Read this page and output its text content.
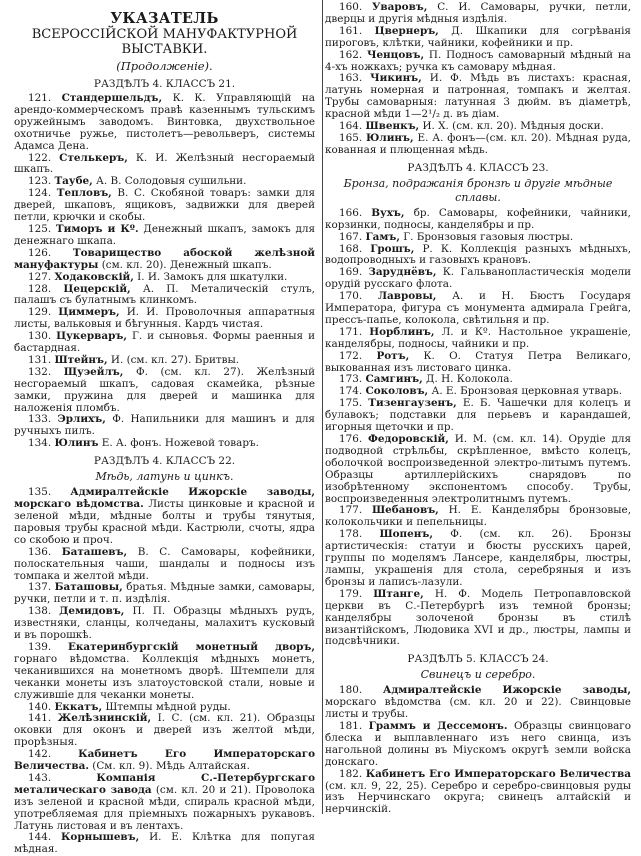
УКАЗАТЕЛЬ
ВСЕРОССІЙСКОЙ МАНУФАКТУРНОЙ ВЫСТАВКИ.
(Продолженіе).
РАЗДѢЛЪ 4. КЛАССЪ 21.

121. Стандершельдъ, К. К. Управляющій на арендо-коммерческомъ правѣ казеннымъ тульскимъ оружейнымъ заводомъ. Винтовка, двухствольное охотничье ружье, пистолетъ—револьверъ, системы Адамса Дена.

122. Стелькеръ, К. И. Желѣзный несгораемый шкапъ.

123. Таубе, А. В. Солодовыя сушильни.

124. Тепловъ, В. С. Скобяной товаръ: замки для дверей, шкаповъ, ящиковъ, задвижки для дверей петли, крючки и скобы.

125. Тиморъ и Кº. Денежный шкапъ, замокъ для денежнаго шкапа.

126. Товарищество абоской желѣзной мануфактуры (см. кл. 20). Денежный шкапъ.

127. Ходаковскій, І. И. Замокъ для шкатулки.

128. Цецерскій, А. П. Металическій стулъ, палашъ съ булатнымъ клинкомъ.

129. Циммеръ, И. И. Проволочныя аппаратныя листы, вальковыя и бѣгунныя. Кардъ чистая.

130. Цукерваръ, Г. и сыновья. Формы раенныя и бастардная.

131. Штейнъ, И. (см. кл. 27). Бритвы.

132. Щуэейлъ, Ф. (см. кл. 27). Желѣзный несгораемый шкапъ, садовая скамейка, рѣзные замки, пружина для дверей и машинка для наложенія пломбъ.

133. Эрлихъ, Ф. Напильники для машинъ и для ручныхъ пилъ.

134. Юлинъ Е. А. фонъ. Ножевой товаръ.

РАЗДѢЛЪ 4. КЛАССЪ 22.
Мѣдь, латунь и цинкъ.

135. Адмиралтейскіе Ижорскіе заводы, морскаго вѣдомства. Листы цинковые и красной и зеленой мѣди, мѣдные болты и трубы тянутыя, паровыя трубы красной мѣди. Кастрюли, счоты, ядра со скобою и проч.

136. Баташевъ, В. С. Самовары, кофейники, полоскательныя чаши, шандалы и подносы изъ томпака и желтой мѣди.

137. Баташовы, братья. Мѣдные замки, самовары, ручки, петли и т. п. издѣлія.

138. Демидовъ, П. П. Образцы мѣдныхъ рудъ, известняки, сланцы, колчеданы, малахитъ кусковый и въ порошкѣ.

139. Екатеринбургскій монетный дворъ, горнаго вѣдомства. Коллекція мѣдныхъ монетъ, чеканившихся на монетномъ дворѣ. Штемпели для чеканки монеты изъ златоустовской стали, новые и служившіе для чеканки монеты.

140. Еккатъ, Штемпы мѣдной руды.

141. Желѣзнинскій, І. С. (см. кл. 21). Образцы оковки для оконъ и дверей изъ желтой мѣди, прорѣзныя.

142.	Кабинетъ Его Императорскаго Величества. (См. кл. 9). Мѣдь Алтайская.

143.	Компанія С.-Петербургскаго металическаго завода (см. кл. 20 и 21). Проволока изъ зеленой и красной мѣди, спираль красной мѣди, употребляемая для пріемныхъ пожарныхъ рукавовъ. Латунь листовая и въ лентахъ.

144. Корнышевъ, И. Е. Клѣтка для попугая мѣдная.

160. Уваровъ, С. И. Самовары, ручки, петли, дверцы и другія мѣдныя издѣлія.

161. Цвернеръ, Д. Шкапики для согрѣванія пироговъ, клѣтки, чайники, кофейники и пр.

162. Ченцовъ, П. Подносъ самоварный мѣдный на 4-хъ ножкахъ; ручка къ самовару мѣдная.

163. Чикинъ, И. Ф. Мѣдь въ листахъ: красная, латунь номерная и патронная, томпакъ и желтая. Трубы самоварныя: латунная 3 дюйм. въ діаметрѣ, красной мѣди 1—2¹/₂ д. въ діам.

164. Швенкъ, И. Х. (см. кл. 20). Мѣдныя доски.

165. Юлинъ, Е. А. фонъ—(см. кл. 20). Мѣдная руда, кованная и плющенная мѣдь.

РАЗДѢЛЪ 4. КЛАССЪ 23.
Бронза, подражанія бронзѣ и другіе мѣдные сплавы.

166. Вухъ, бр. Самовары, кофейники, чайники, корзинки, подносы, канделябры и пр.

167. Гамъ, Г. Бронзовыя газовыя люстры.

168. Грошъ, Р. К. Коллекція разныхъ мѣдныхъ, водопроводныхъ и газовыхъ крановъ.

169. Заруднёвъ, К. Гальванопластическія модели орудій русскаго флота.

170. Лавровы, А. и Н. Бюстъ Государя Императора, фигура съ монумента адмирала Грейга, прессъ-папье, колокола, свѣтильня и пр.

171. Норблинъ, Л. и Кº. Настольное украшеніе, канделябры, подносы, чайники и пр.

172. Ротъ, К. О. Статуя Петра Великаго, выкованная изъ листоваго цинка.

173. Самгинъ, Д. Н. Колокола.

174. Соколовъ, А. Е. Бронзовая церковная утварь.

175. Тизенгаузенъ, Е. Б. Чашечки для колецъ и булавокъ; подставки для перьевъ и карандашей, игорныя щеточки и пр.

176. Федоровскій, И. М. (см. кл. 14). Орудіе для подводной стрѣльбы, скрѣпленное, вмѣсто колецъ, оболочкой воспроизведенной электро-литымъ путемъ. Образцы артиллерійскихъ снарядовъ по изобрѣтенному экспонентомъ способу. Трубы, воспроизведенныя электролитнымъ путемъ.

177. Шебановъ, Н. Е. Канделябры бронзовые, колокольчики и пепельницы.

178. Шопенъ, Ф. (см. кл. 26). Бронзы артистическія: статуи и бюсты русскихъ царей, группы по моделямъ Лансере, канделябры, люстры, лампы, украшенія для стола, серебряныя и изъ бронзы и лаписъ-лазули.

179. Штанге, Н. Ф. Модель Петропавловской церкви въ С.-Петербургѣ изъ темной бронзы; канделябры золоченой бронзы въ стилѣ византійскомъ, Людовика XVI и др., люстры, лампы и подсвѣчники.

РАЗДѢЛЪ 5. КЛАССЪ 24.
Свинецъ и серебро.

180. Адмиралтейскіе Ижорскіе заводы, морскаго вѣдомства (см. кл. 20 и 22). Свинцовые листы и трубы.

181. Граммъ и Дессемонъ. Образцы свинцоваго блеска и выплавленнаго изъ него свинца, изъ нагольной долины въ Міускомъ округѣ земли войска донскаго.

182. Кабинетъ Его Императорскаго Величества (см. кл. 9, 22, 25). Серебро и серебро-свинцовыя руды изъ Нерчинскаго округа; свинецъ алтайскій и нерчинскій.
